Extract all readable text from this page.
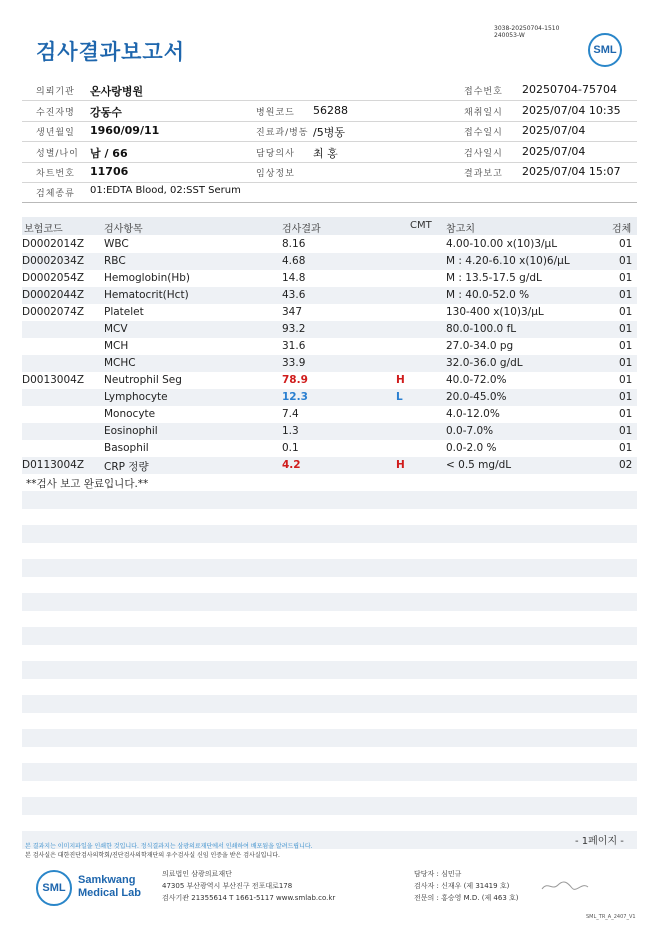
검사결과보고서
3038-20250704-1510
240053-W
SML
의뢰기관 온사랑병원	접수번호 20250704-75704
수진자명 강동수	병원코드 56288	채취일시 2025/07/04 10:35
생년월일 1960/09/11	진료과/병동 /5병동	접수일시 2025/07/04
성별/나이 남 / 66	담당의사 최 홍	검사일시 2025/07/04
차트번호 11706	임상정보	결과보고 2025/07/04 15:07
검체종류 01:EDTA Blood, 02:SST Serum
보험코드	검사항목	검사결과	CMT 참고치	검체
D0002014Z WBC	8.16	4.00-10.00 x(10)3/µL	01
D0002034Z RBC	4.68	M : 4.20-6.10 x(10)6/µL	01
D0002054Z Hemoglobin(Hb)	14.8	M : 13.5-17.5 g/dL	01
D0002044Z Hematocrit(Hct)	43.6	M : 40.0-52.0 %	01
D0002074Z Platelet	347	130-400 x(10)3/µL	01
MCV	93.2	80.0-100.0 fL	01
MCH	31.6	27.0-34.0 pg	01
MCHC	33.9	32.0-36.0 g/dL	01
D0013004Z Neutrophil Seg	78.9	H	40.0-72.0%	01
Lymphocyte	12.3	L	20.0-45.0%	01
Monocyte	7.4	4.0-12.0%	01
Eosinophil	1.3	0.0-7.0%	01
Basophil	0.1	0.0-2.0 %	01
D0113004Z CRP 정량	4.2	H	< 0.5 mg/dL	02
**검사 보고 완료입니다.**
본 결과지는 이미지파일을 인쇄한 것입니다. 정식결과지는 삼광의료재단에서 인쇄하여 배포됨을 알려드립니다.
본 검사실은 대한진단검사의학회/진단검사의학재단의 우수검사실 신임 인증을 받은 검사실입니다.
- 1페이지 -
SML
Samkwang
Medical Lab
의료법인 삼광의료재단
47305 부산광역시 부산진구 전포대로178
검사기관 21355614 T 1661-5117 www.smlab.co.kr
담당자 : 심민규
검사자 : 신재우 (제 31419 호)
전문의 : 홍승영 M.D. (제 463 호)
SML_TR_A_2407_V1
